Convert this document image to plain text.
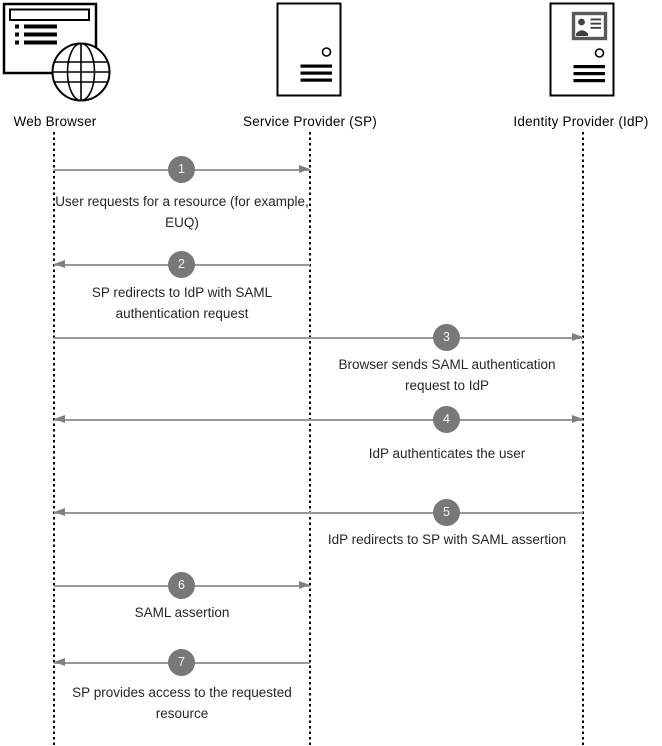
Web Browser	Service Provider (SP)	Identity Provider (IdP)
1
User requests for a resource (for example, EUQ)
2
SP redirects to IdP with SAML authentication request
3
Browser sends SAML authentication request to IdP
4
IdP authenticates the user
5
IdP redirects to SP with SAML assertion
6
SAML assertion
7
SP provides access to the requested resource
